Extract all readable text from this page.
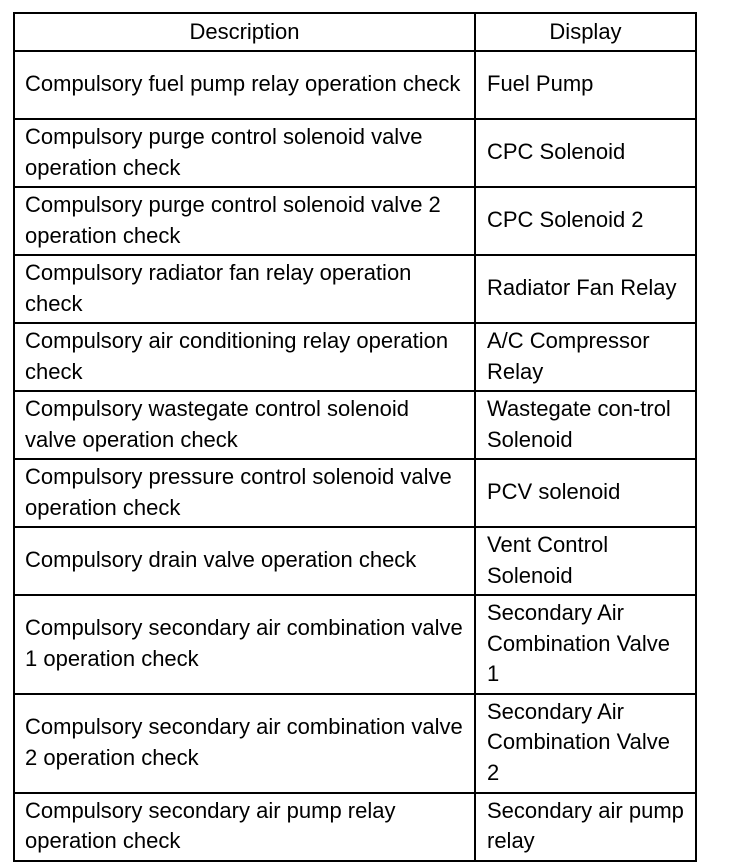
Description	Display
Compulsory fuel pump relay operation check	Fuel Pump
Compulsory purge control solenoid valve operation check	CPC Solenoid
Compulsory purge control solenoid valve 2 operation check	CPC Solenoid 2
Compulsory radiator fan relay operation check	Radiator Fan Relay
Compulsory air conditioning relay operation check	A/C Compressor Relay
Compulsory wastegate control solenoid valve operation check	Wastegate con-trol Solenoid
Compulsory pressure control solenoid valve operation check	PCV solenoid
Compulsory drain valve operation check	Vent Control Solenoid
Compulsory secondary air combination valve 1 operation check	Secondary Air Combination Valve 1
Compulsory secondary air combination valve 2 operation check	Secondary Air Combination Valve 2
Compulsory secondary air pump relay operation check	Secondary air pump relay
